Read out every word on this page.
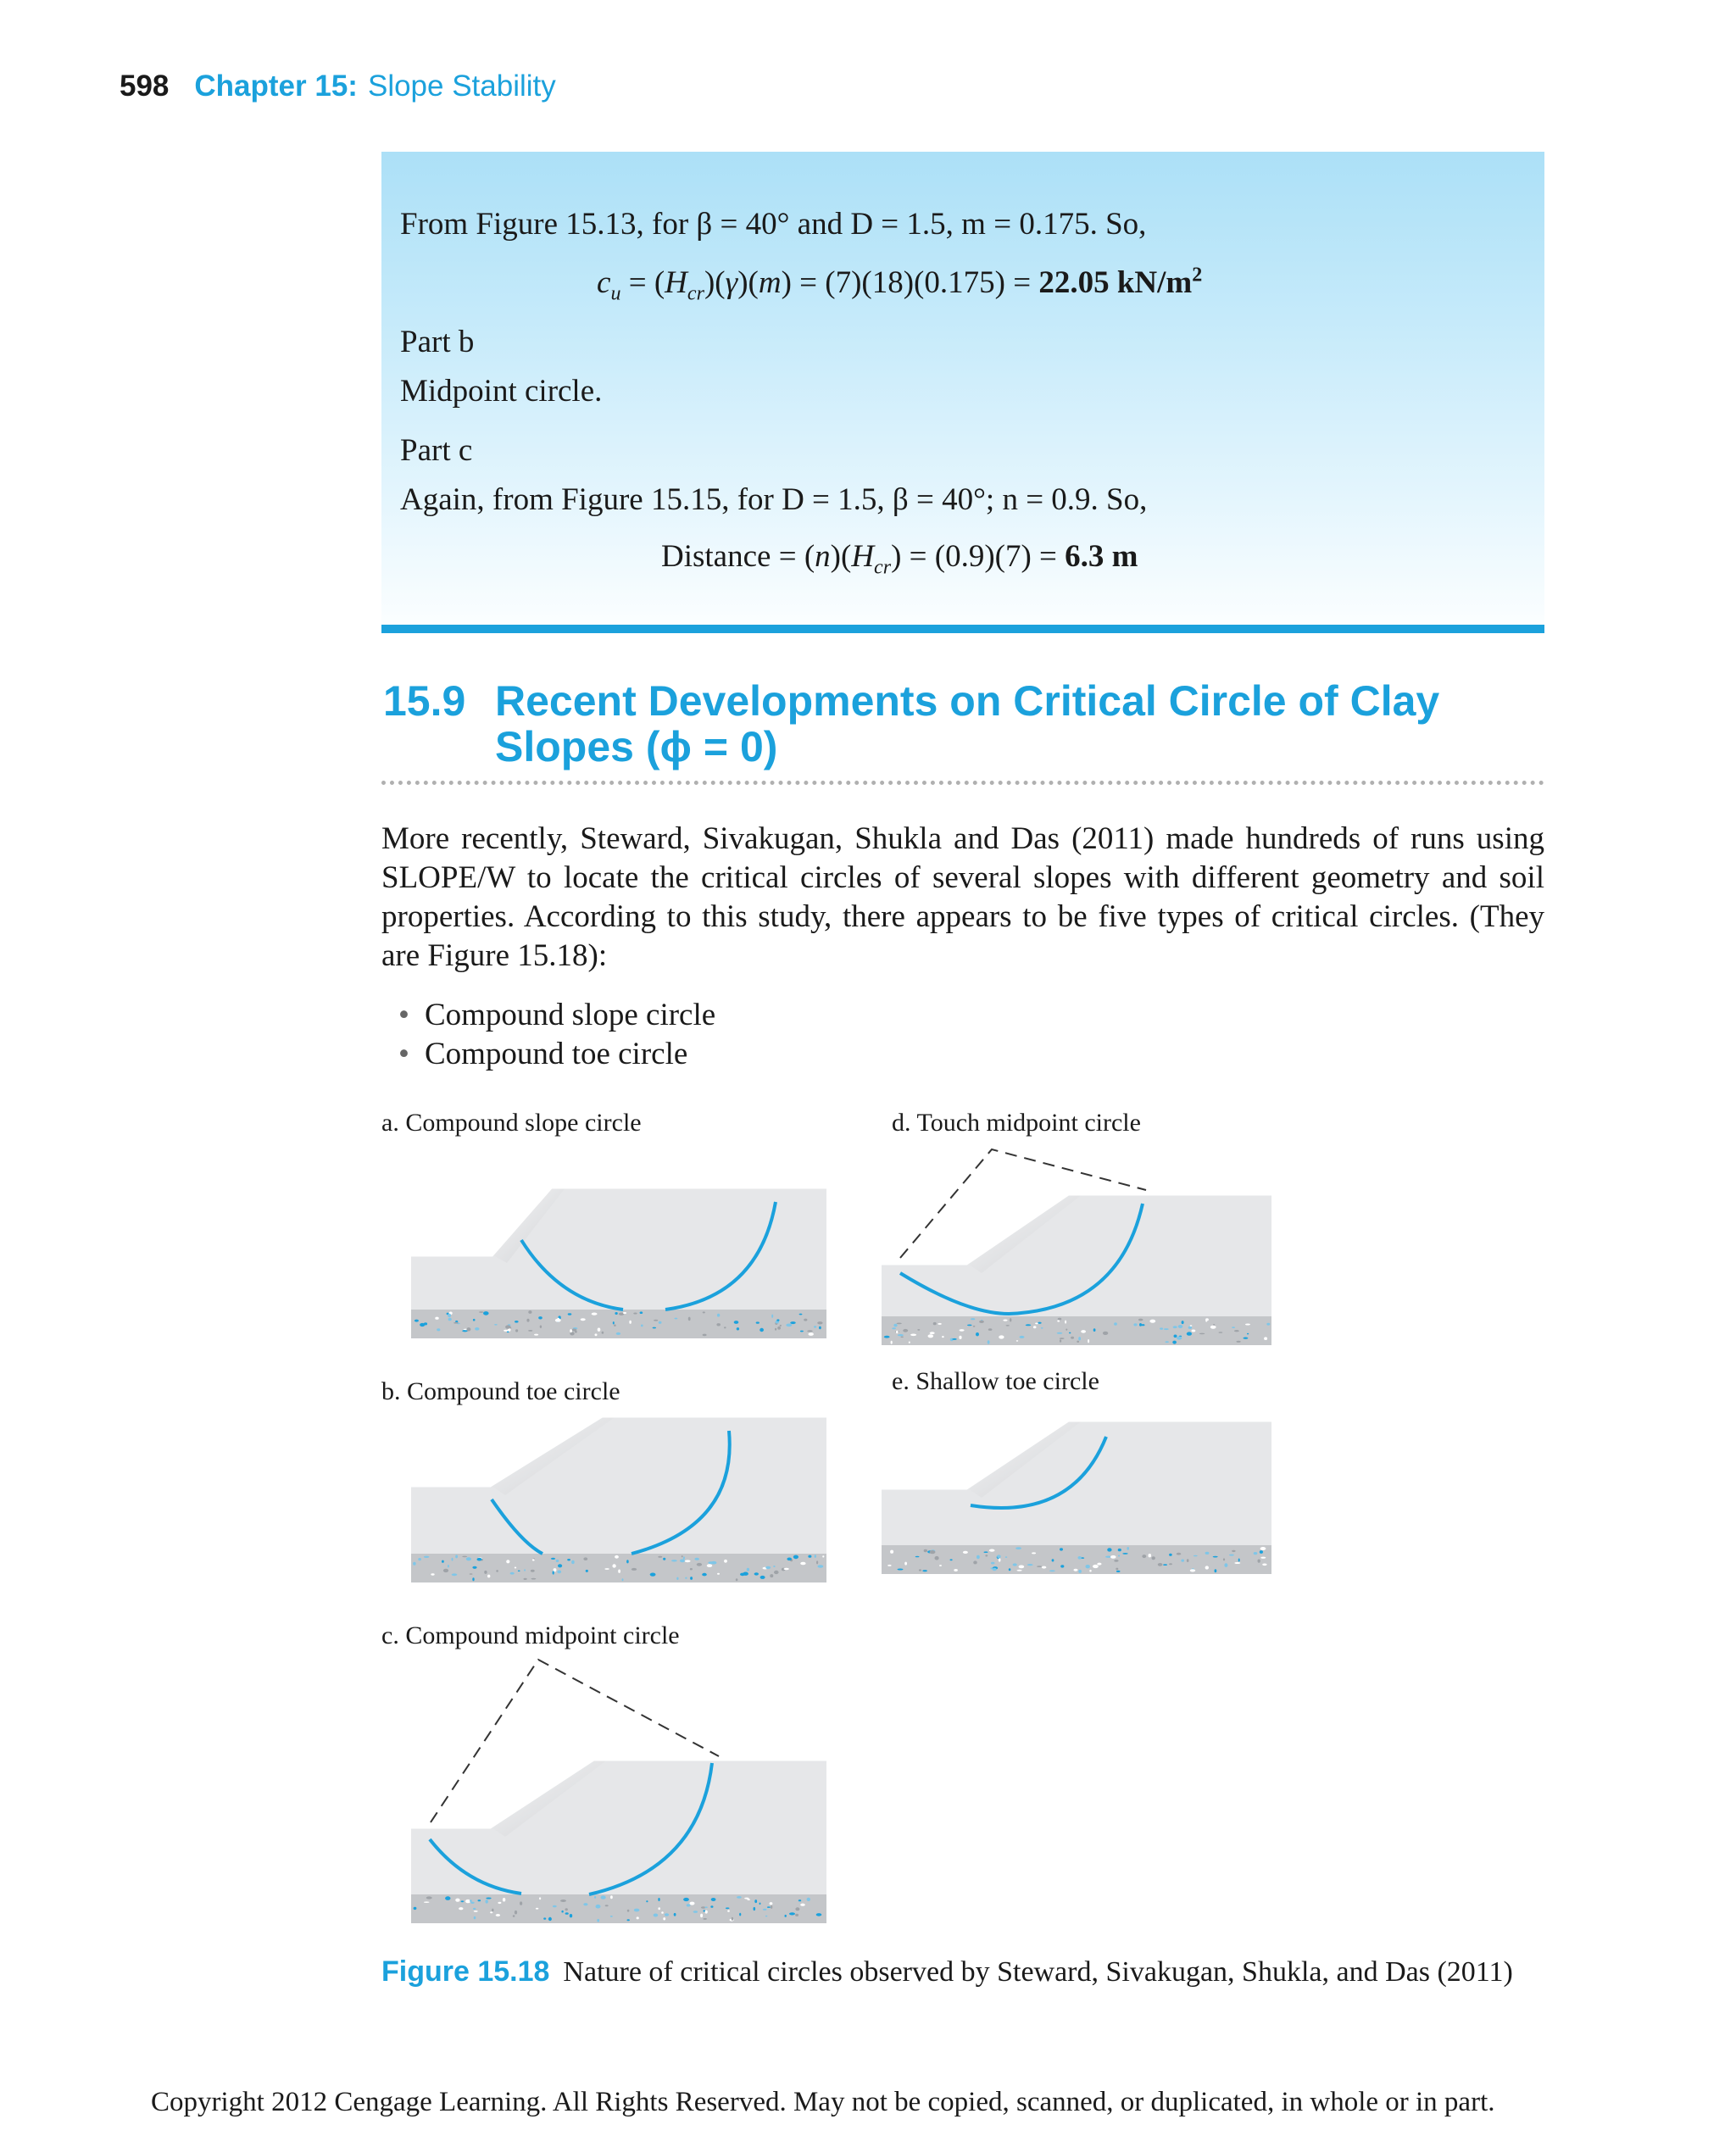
598 Chapter 15: Slope Stability
From Figure 15.13, for β = 40° and D = 1.5, m = 0.175. So,
$c_u = (H_{cr})(\gamma)(m) = (7)(18)(0.175) = 22.05$ $kN/m^2$
Part b
Midpoint circle.
Part c
Again, from Figure 15.15, for D = 1.5, β = 40°; n = 0.9. So,
Distance = $(n)(H_{cr}) = (0.9)(7) = 6.3$ m
15.9 Recent Developments on Critical Circle of Clay
Slopes (ϕ = 0)
More recently, Steward, Sivakugan, Shukla and Das (2011) made hundreds of runs using SLOPE/W to locate the critical circles of several slopes with different geometry and soil properties. According to this study, there appears to be five types of critical circles. (They are Figure 15.18):
• Compound slope circle
• Compound toe circle
a. Compound slope circle
b. Compound toe circle
c. Compound midpoint circle
d. Touch midpoint circle
e. Shallow toe circle
Figure 15.18 Nature of critical circles observed by Steward, Sivakugan, Shukla, and Das (2011)
Copyright 2012 Cengage Learning. All Rights Reserved. May not be copied, scanned, or duplicated, in whole or in part.
